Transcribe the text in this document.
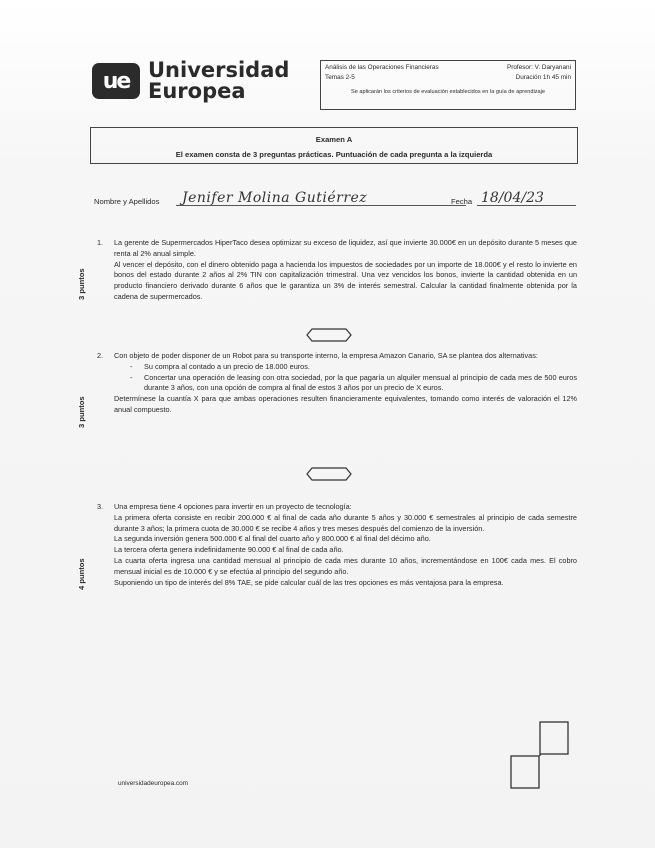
ue Universidad
Europea
Análisis de las Operaciones Financieras	Profesor: V. Daryanani
Temas 2-5	Duración 1h 45 min
Se aplicarán los criterios de evaluación establecidos en la guía de aprendizaje
Examen A
El examen consta de 3 preguntas prácticas. Puntuación de cada pregunta a la izquierda
Nombre y Apellidos	Jenifer Molina Gutiérrez	Fecha 18/04/23
3 puntos
1. La gerente de Supermercados HiperTaco desea optimizar su exceso de liquidez, así que invierte 30.000€ en un depósito durante 5 meses que renta al 2% anual simple.
Al vencer el depósito, con el dinero obtenido paga a hacienda los impuestos de sociedades por un importe de 18.000€ y el resto lo invierte en bonos del estado durante 2 años al 2% TIN con capitalización trimestral. Una vez vencidos los bonos, invierte la cantidad obtenida en un producto financiero derivado durante 6 años que le garantiza un 3% de interés semestral. Calcular la cantidad finalmente obtenida por la cadena de supermercados.
3 puntos
2. Con objeto de poder disponer de un Robot para su transporte interno, la empresa Amazon Canario, SA se plantea dos alternativas:
- Su compra al contado a un precio de 18.000 euros.
- Concertar una operación de leasing con otra sociedad, por la que pagaría un alquiler mensual al principio de cada mes de 500 euros durante 3 años, con una opción de compra al final de estos 3 años por un precio de X euros.
Determínese la cuantía X para que ambas operaciones resulten financieramente equivalentes, tomando como interés de valoración el 12% anual compuesto.
4 puntos
3. Una empresa tiene 4 opciones para invertir en un proyecto de tecnología:
La primera oferta consiste en recibir 200.000 € al final de cada año durante 5 años y 30.000 € semestrales al principio de cada semestre durante 3 años; la primera cuota de 30.000 € se recibe 4 años y tres meses después del comienzo de la inversión.
La segunda inversión genera 500.000 € al final del cuarto año y 800.000 € al final del décimo año.
La tercera oferta genera indefinidamente 90.000 € al final de cada año.
La cuarta oferta ingresa una cantidad mensual al principio de cada mes durante 10 años, incrementándose en 100€ cada mes. El cobro mensual inicial es de 10.000 € y se efectúa al principio del segundo año.
Suponiendo un tipo de interés del 8% TAE, se pide calcular cuál de las tres opciones es más ventajosa para la empresa.
universidadeuropea.com
